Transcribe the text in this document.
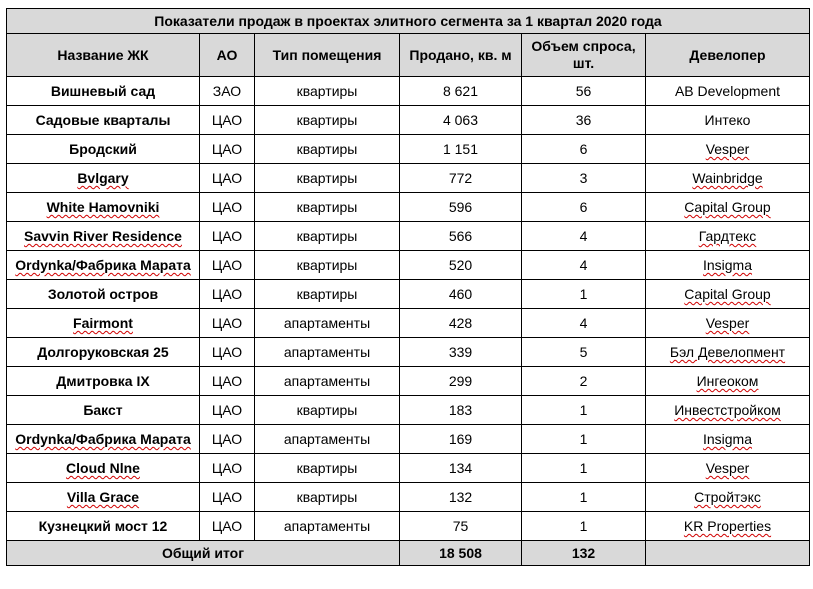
Показатели продаж в проектах элитного сегмента за 1 квартал 2020 года					
Название ЖК	АО	Тип помещения	Продано, кв. м	Объем спроса, шт.	Девелопер
Вишневый сад	ЗАО	квартиры	8 621	56	AB Development
Садовые кварталы	ЦАО	квартиры	4 063	36	Интеко
Бродский	ЦАО	квартиры	1 151	6	Vesper
Bvlgary	ЦАО	квартиры	772	3	Wainbridge
White Hamovniki	ЦАО	квартиры	596	6	Capital Group
Savvin River Residence	ЦАО	квартиры	566	4	Гардтекс
Ordynka/Фабрика Марата	ЦАО	квартиры	520	4	Insigma
Золотой остров	ЦАО	квартиры	460	1	Capital Group
Fairmont	ЦАО	апартаменты	428	4	Vesper
Долгоруковская 25	ЦАО	апартаменты	339	5	Бэл Девелопмент
Дмитровка IX	ЦАО	апартаменты	299	2	Ингеоком
Бакст	ЦАО	квартиры	183	1	Инвестстройком
Ordynka/Фабрика Марата	ЦАО	апартаменты	169	1	Insigma
Cloud Nlne	ЦАО	квартиры	134	1	Vesper
Villa Grace	ЦАО	квартиры	132	1	Стройтэкс
Кузнецкий мост 12	ЦАО	апартаменты	75	1	KR Properties
Общий итог			18 508	132	
